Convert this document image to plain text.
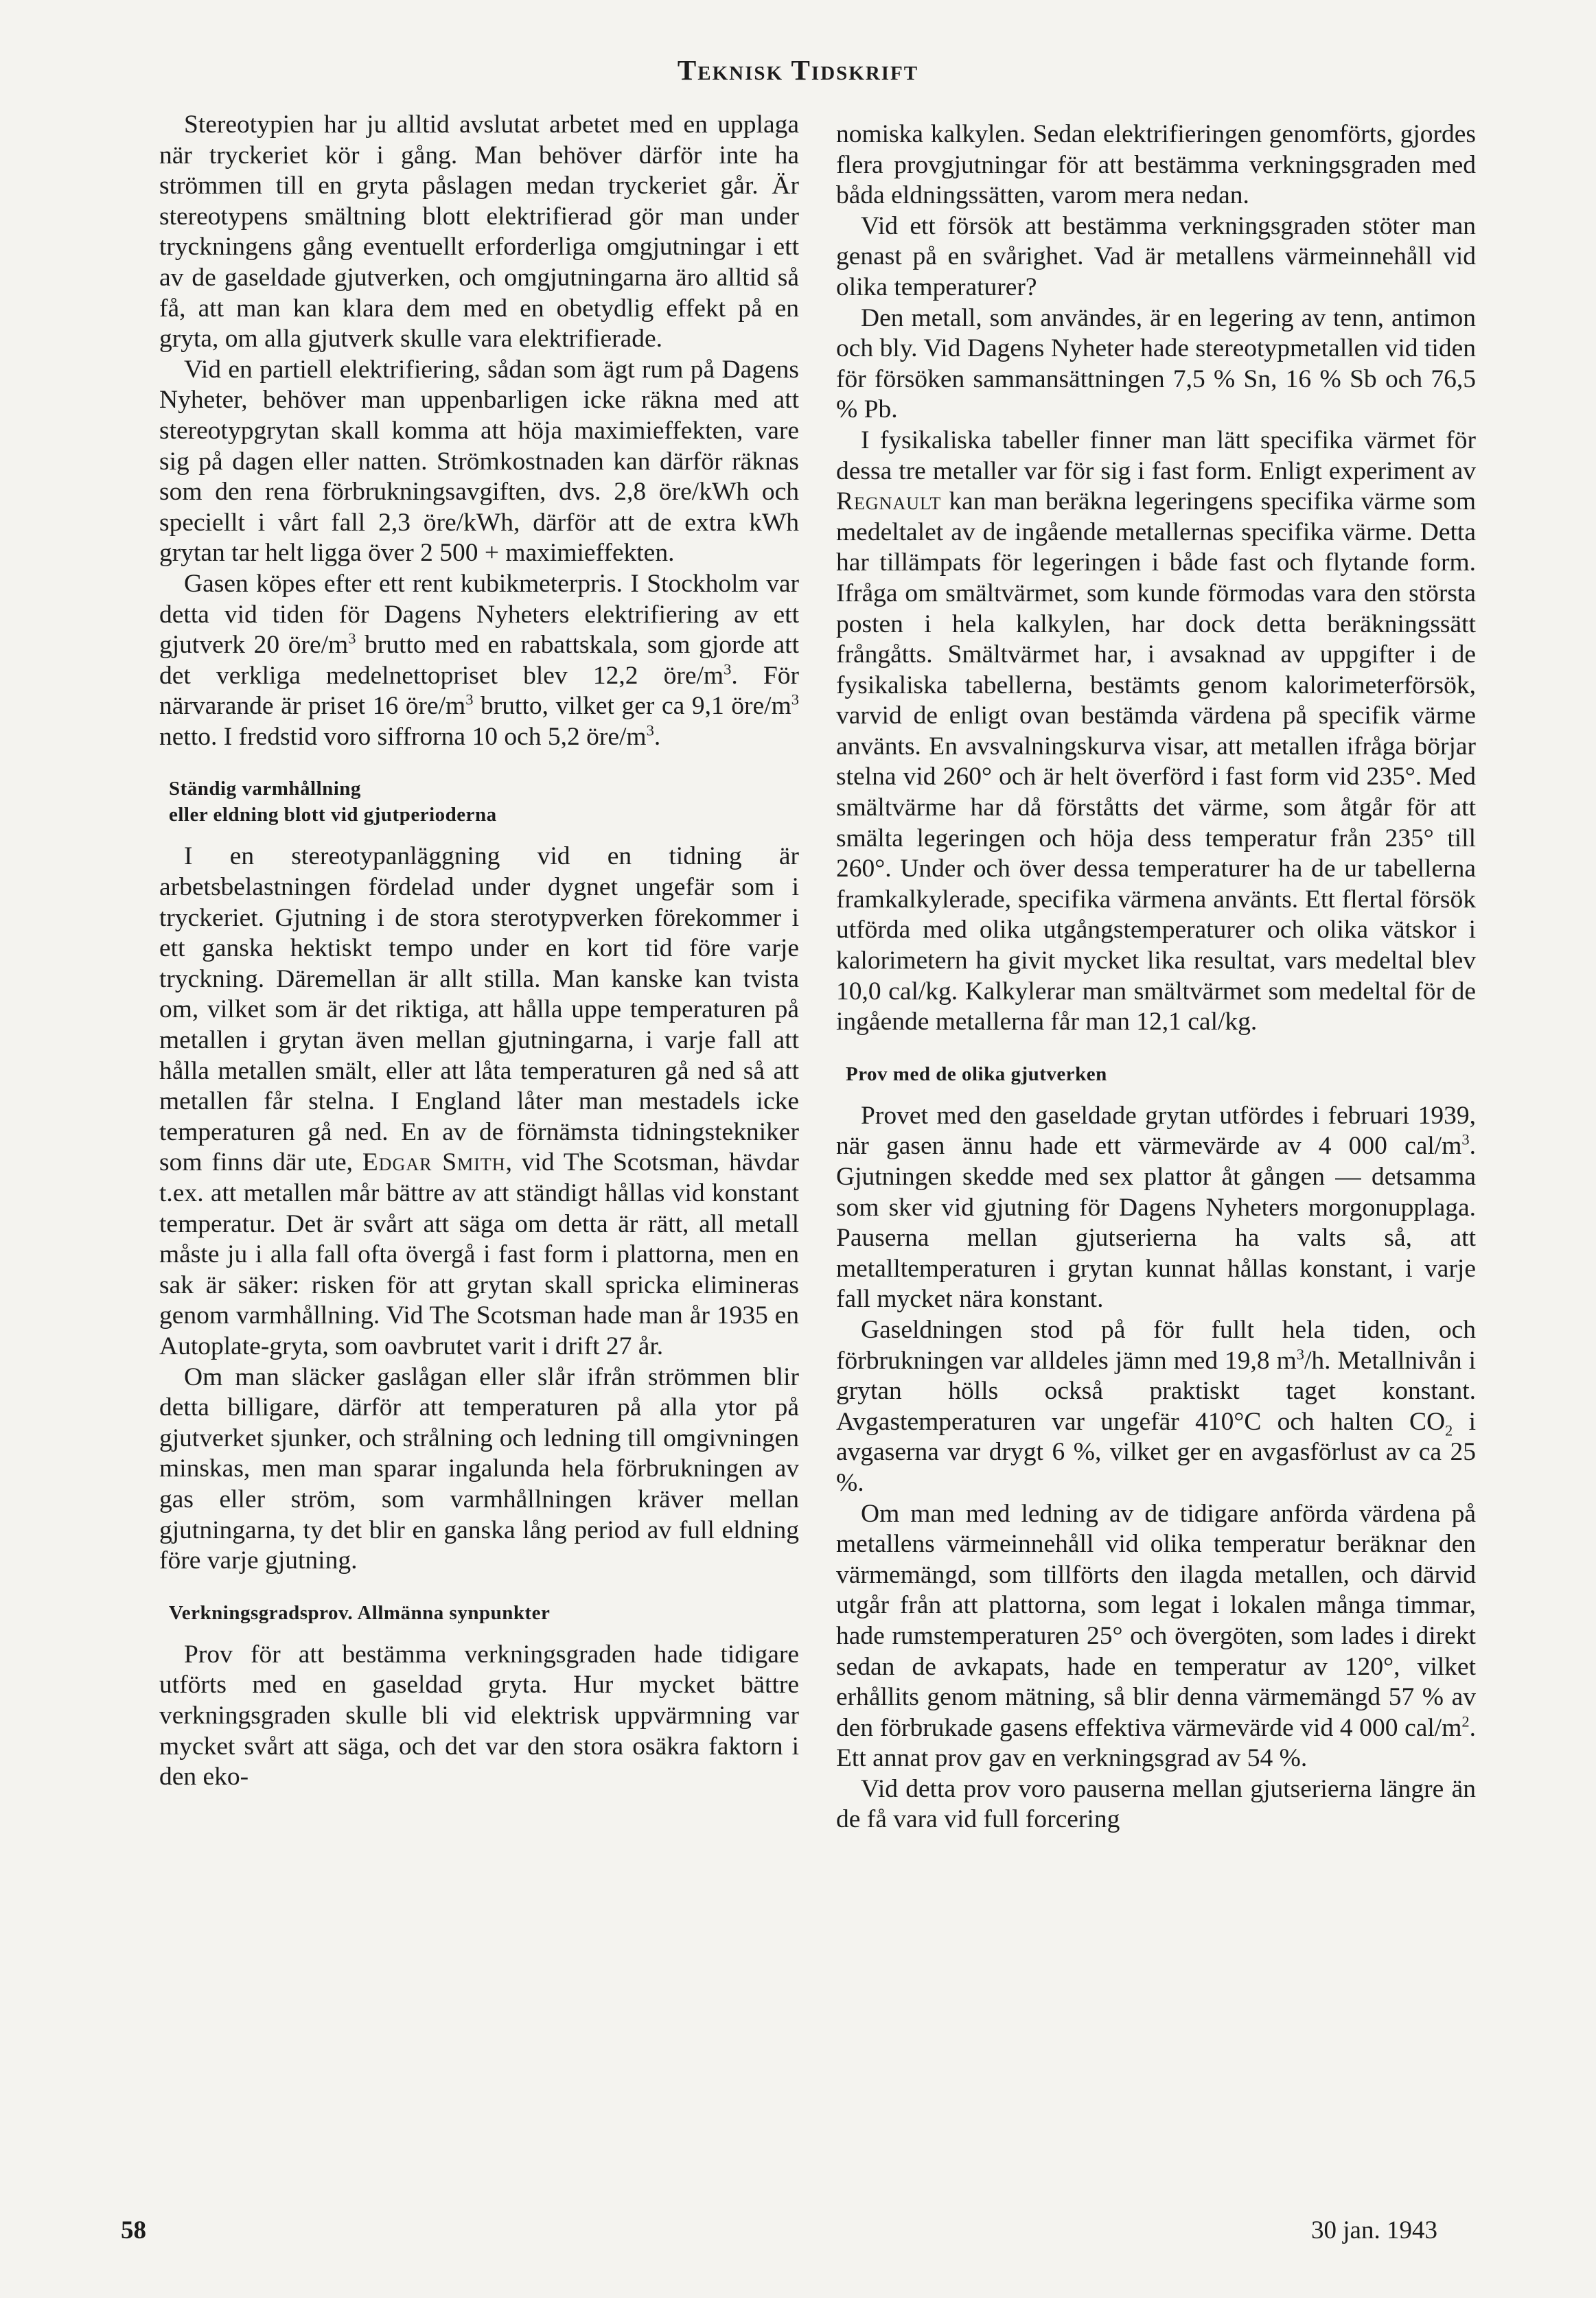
Teknisk Tidskrift

Stereotypien har ju alltid avslutat arbetet med en upplaga när tryckeriet kör i gång. Man behöver därför inte ha strömmen till en gryta påslagen medan tryckeriet går. Är stereotypens smältning blott elektrifierad gör man under tryckningens gång eventuellt erforderliga omgjutningar i ett av de gaseldade gjutverken, och omgjutningarna äro alltid så få, att man kan klara dem med en obetydlig effekt på en gryta, om alla gjutverk skulle vara elektrifierade.

Vid en partiell elektrifiering, sådan som ägt rum på Dagens Nyheter, behöver man uppenbarligen icke räkna med att stereotypgrytan skall komma att höja maximieffekten, vare sig på dagen eller natten. Strömkostnaden kan därför räknas som den rena förbrukningsavgiften, dvs. 2,8 öre/kWh och speciellt i vårt fall 2,3 öre/kWh, därför att de extra kWh grytan tar helt ligga över 2 500 + maximieffekten.

Gasen köpes efter ett rent kubikmeterpris. I Stockholm var detta vid tiden för Dagens Nyheters elektrifiering av ett gjutverk 20 öre/$m^3$ brutto med en rabattskala, som gjorde att det verkliga medelnettopriset blev 12,2 öre/$m^3$. För närvarande är priset 16 öre/$m^3$ brutto, vilket ger ca 9,1 öre/$m^3$ netto. I fredstid voro siffrorna 10 och 5,2 öre/$m^3$.

Ständig varmhållning
eller eldning blott vid gjutperioderna

I en stereotypanläggning vid en tidning är arbetsbelastningen fördelad under dygnet ungefär som i tryckeriet. Gjutning i de stora sterotypverken förekommer i ett ganska hektiskt tempo under en kort tid före varje tryckning. Däremellan är allt stilla. Man kanske kan tvista om, vilket som är det riktiga, att hålla uppe temperaturen på metallen i grytan även mellan gjutningarna, i varje fall att hålla metallen smält, eller att låta temperaturen gå ned så att metallen får stelna. I England låter man mestadels icke temperaturen gå ned. En av de förnämsta tidningstekniker som finns där ute, Edgar Smith, vid The Scotsman, hävdar t.ex. att metallen mår bättre av att ständigt hållas vid konstant temperatur. Det är svårt att säga om detta är rätt, all metall måste ju i alla fall ofta övergå i fast form i plattorna, men en sak är säker: risken för att grytan skall spricka elimineras genom varmhållning. Vid The Scotsman hade man år 1935 en Autoplate-gryta, som oavbrutet varit i drift 27 år.

Om man släcker gaslågan eller slår ifrån strömmen blir detta billigare, därför att temperaturen på alla ytor på gjutverket sjunker, och strålning och ledning till omgivningen minskas, men man sparar ingalunda hela förbrukningen av gas eller ström, som varmhållningen kräver mellan gjutningarna, ty det blir en ganska lång period av full eldning före varje gjutning.

Verkningsgradsprov. Allmänna synpunkter

Prov för att bestämma verkningsgraden hade tidigare utförts med en gaseldad gryta. Hur mycket bättre verkningsgraden skulle bli vid elektrisk uppvärmning var mycket svårt att säga, och det var den stora osäkra faktorn i den eko-

nomiska kalkylen. Sedan elektrifieringen genomförts, gjordes flera provgjutningar för att bestämma verkningsgraden med båda eldningssätten, varom mera nedan.

Vid ett försök att bestämma verkningsgraden stöter man genast på en svårighet. Vad är metallens värmeinnehåll vid olika temperaturer?

Den metall, som användes, är en legering av tenn, antimon och bly. Vid Dagens Nyheter hade stereotypmetallen vid tiden för försöken sammansättningen 7,5 % Sn, 16 % Sb och 76,5 % Pb.

I fysikaliska tabeller finner man lätt specifika värmet för dessa tre metaller var för sig i fast form. Enligt experiment av Regnault kan man beräkna legeringens specifika värme som medeltalet av de ingående metallernas specifika värme. Detta har tillämpats för legeringen i både fast och flytande form. Ifråga om smältvärmet, som kunde förmodas vara den största posten i hela kalkylen, har dock detta beräkningssätt frångåtts. Smältvärmet har, i avsaknad av uppgifter i de fysikaliska tabellerna, bestämts genom kalorimeterförsök, varvid de enligt ovan bestämda värdena på specifik värme använts. En avsvalningskurva visar, att metallen ifråga börjar stelna vid 260° och är helt överförd i fast form vid 235°. Med smältvärme har då förståtts det värme, som åtgår för att smälta legeringen och höja dess temperatur från 235° till 260°. Under och över dessa temperaturer ha de ur tabellerna framkalkylerade, specifika värmena använts. Ett flertal försök utförda med olika utgångstemperaturer och olika vätskor i kalorimetern ha givit mycket lika resultat, vars medeltal blev 10,0 cal/kg. Kalkylerar man smältvärmet som medeltal för de ingående metallerna får man 12,1 cal/kg.

Prov med de olika gjutverken

Provet med den gaseldade grytan utfördes i februari 1939, när gasen ännu hade ett värmevärde av 4 000 cal/$m^3$. Gjutningen skedde med sex plattor åt gången — detsamma som sker vid gjutning för Dagens Nyheters morgonupplaga. Pauserna mellan gjutserierna ha valts så, att metalltemperaturen i grytan kunnat hållas konstant, i varje fall mycket nära konstant.

Gaseldningen stod på för fullt hela tiden, och förbrukningen var alldeles jämn med 19,8 $m^3/h$. Metallnivån i grytan hölls också praktiskt taget konstant. Avgastemperaturen var ungefär 410°C och halten $CO_2$ i avgaserna var drygt 6 %, vilket ger en avgasförlust av ca 25 %.

Om man med ledning av de tidigare anförda värdena på metallens värmeinnehåll vid olika temperatur beräknar den värmemängd, som tillförts den ilagda metallen, och därvid utgår från att plattorna, som legat i lokalen många timmar, hade rumstemperaturen 25° och övergöten, som lades i direkt sedan de avkapats, hade en temperatur av 120°, vilket erhållits genom mätning, så blir denna värmemängd 57 % av den förbrukade gasens effektiva värmevärde vid 4 000 cal/$m^2$. Ett annat prov gav en verkningsgrad av 54 %.

Vid detta prov voro pauserna mellan gjutserierna längre än de få vara vid full forcering

58	30 jan. 1943
